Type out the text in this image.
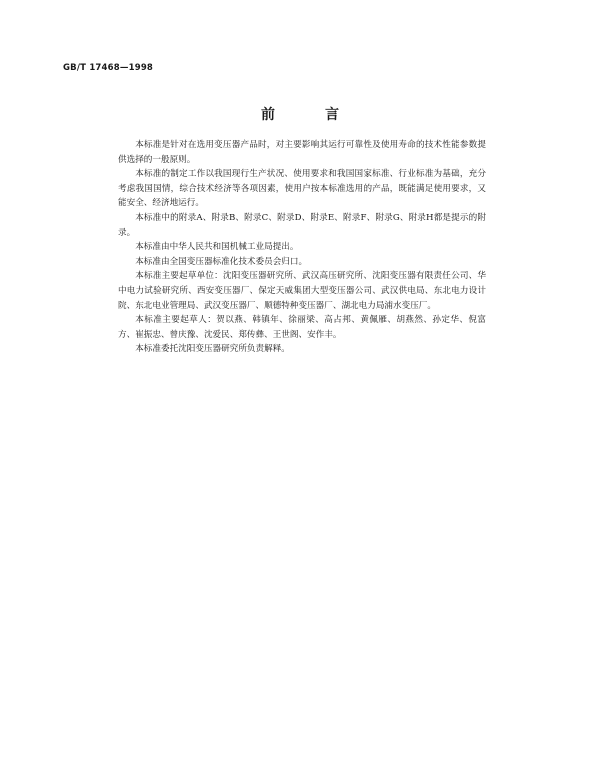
GB/T 17468—1998
前　言

本标准是针对在选用变压器产品时，对主要影响其运行可靠性及使用寿命的技术性能参数提供选择的一般原则。

本标准的制定工作以我国现行生产状况、使用要求和我国国家标准、行业标准为基础，充分考虑我国国情，综合技术经济等各项因素，使用户按本标准选用的产品，既能满足使用要求，又能安全、经济地运行。

本标准中的附录A、附录B、附录C、附录D、附录E、附录F、附录G、附录H都是提示的附录。

本标准由中华人民共和国机械工业局提出。

本标准由全国变压器标准化技术委员会归口。

本标准主要起草单位：沈阳变压器研究所、武汉高压研究所、沈阳变压器有限责任公司、华中电力试验研究所、西安变压器厂、保定天威集团大型变压器公司、武汉供电局、东北电力设计院、东北电业管理局、武汉变压器厂、顺德特种变压器厂、湖北电力局浦水变压厂。

本标准主要起草人：贺以燕、韩镇年、徐丽梁、高占邦、黄佩雁、胡燕然、孙定华、倪富方、崔振忠、曾庆豫、沈爱民、郑传彝、王世阁、安作丰。

本标准委托沈阳变压器研究所负责解释。
